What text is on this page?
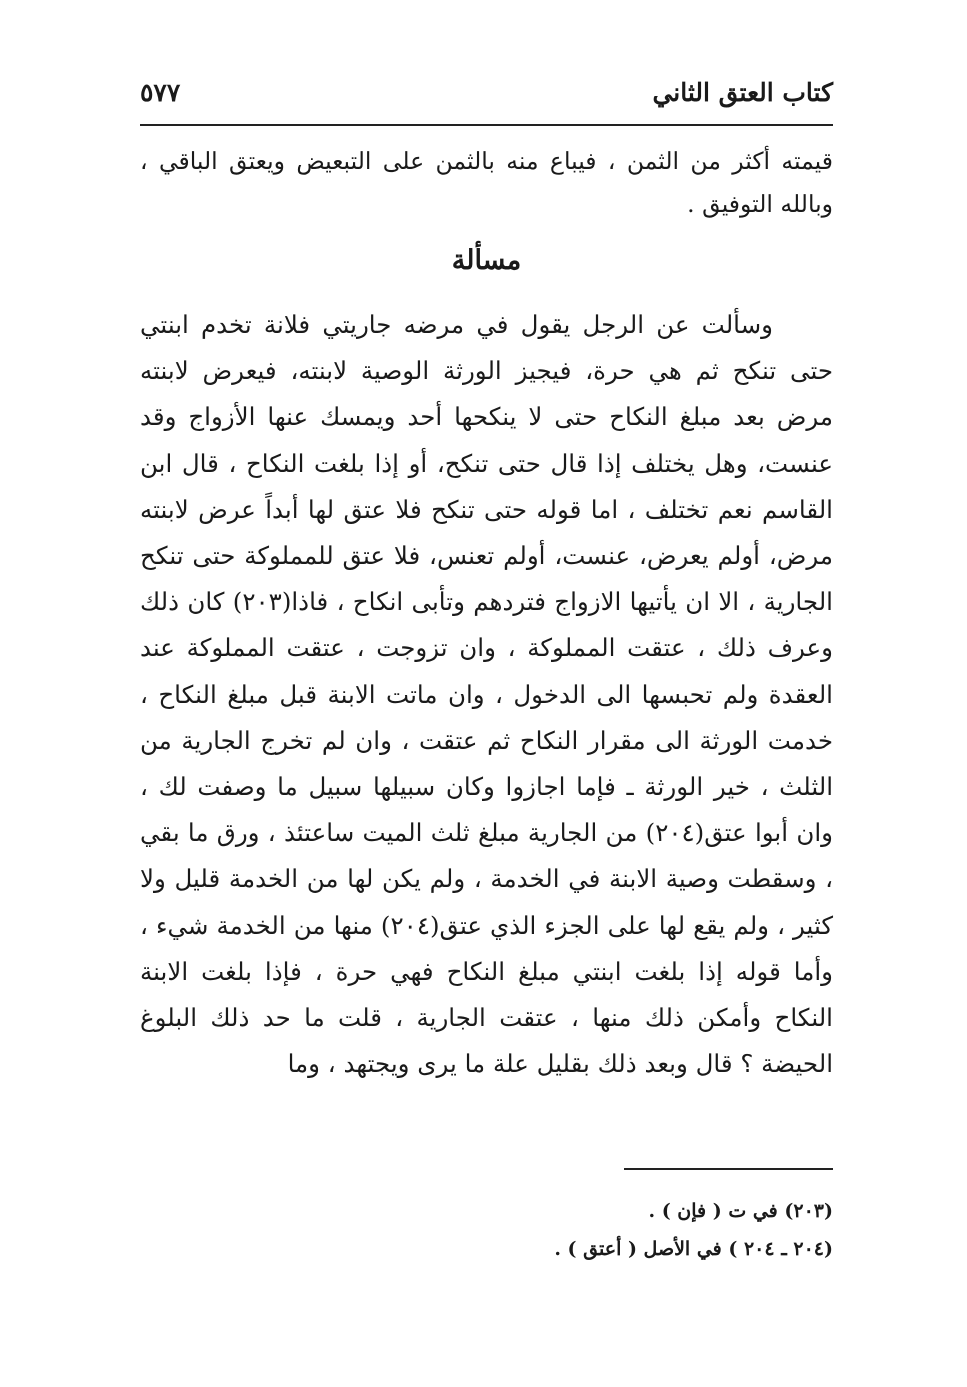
كتاب العتق الثاني
٥٧٧

قيمته أكثر من الثمن ، فيباع منه بالثمن على التبعيض ويعتق الباقي ، وبالله التوفيق .

مسألة

وسألت عن الرجل يقول في مرضه جاريتي فلانة تخدم ابنتي حتى تنكح ثم هي حرة، فيجيز الورثة الوصية لابنته، فيعرض لابنته مرض بعد مبلغ النكاح حتى لا ينكحها أحد ويمسك عنها الأزواج وقد عنست، وهل يختلف إذا قال حتى تنكح، أو إذا بلغت النكاح ، قال ابن القاسم نعم تختلف ، اما قوله حتى تنكح فلا عتق لها أبداً عرض لابنته مرض، أولم يعرض، عنست، أولم تعنس، فلا عتق للمملوكة حتى تنكح الجارية ، الا ان يأتيها الازواج فتردهم وتأبى انكاح ، فاذا(٢٠٣) كان ذلك وعرف ذلك ، عتقت المملوكة ، وان تزوجت ، عتقت المملوكة عند العقدة ولم تحبسها الى الدخول ، وان ماتت الابنة قبل مبلغ النكاح ، خدمت الورثة الى مقرار النكاح ثم عتقت ، وان لم تخرج الجارية من الثلث ، خير الورثة ـ فإما اجازوا وكان سبيلها سبيل ما وصفت لك ، وان أبوا عتق(٢٠٤) من الجارية مبلغ ثلث الميت ساعتئذ ، ورق ما بقي ، وسقطت وصية الابنة في الخدمة ، ولم يكن لها من الخدمة قليل ولا كثير ، ولم يقع لها على الجزء الذي عتق(٢٠٤) منها من الخدمة شيء ، وأما قوله إذا بلغت ابنتي مبلغ النكاح فهي حرة ، فإذا بلغت الابنة النكاح وأمكن ذلك منها ، عتقت الجارية ، قلت ما حد ذلك البلوغ الحيضة ؟ قال وبعد ذلك بقليل علة ما يرى ويجتهد ، وما

(٢٠٣) في ت ( فإن ) .
(٢٠٤ ـ ٢٠٤ ) في الأصل ( أعتق ) .
